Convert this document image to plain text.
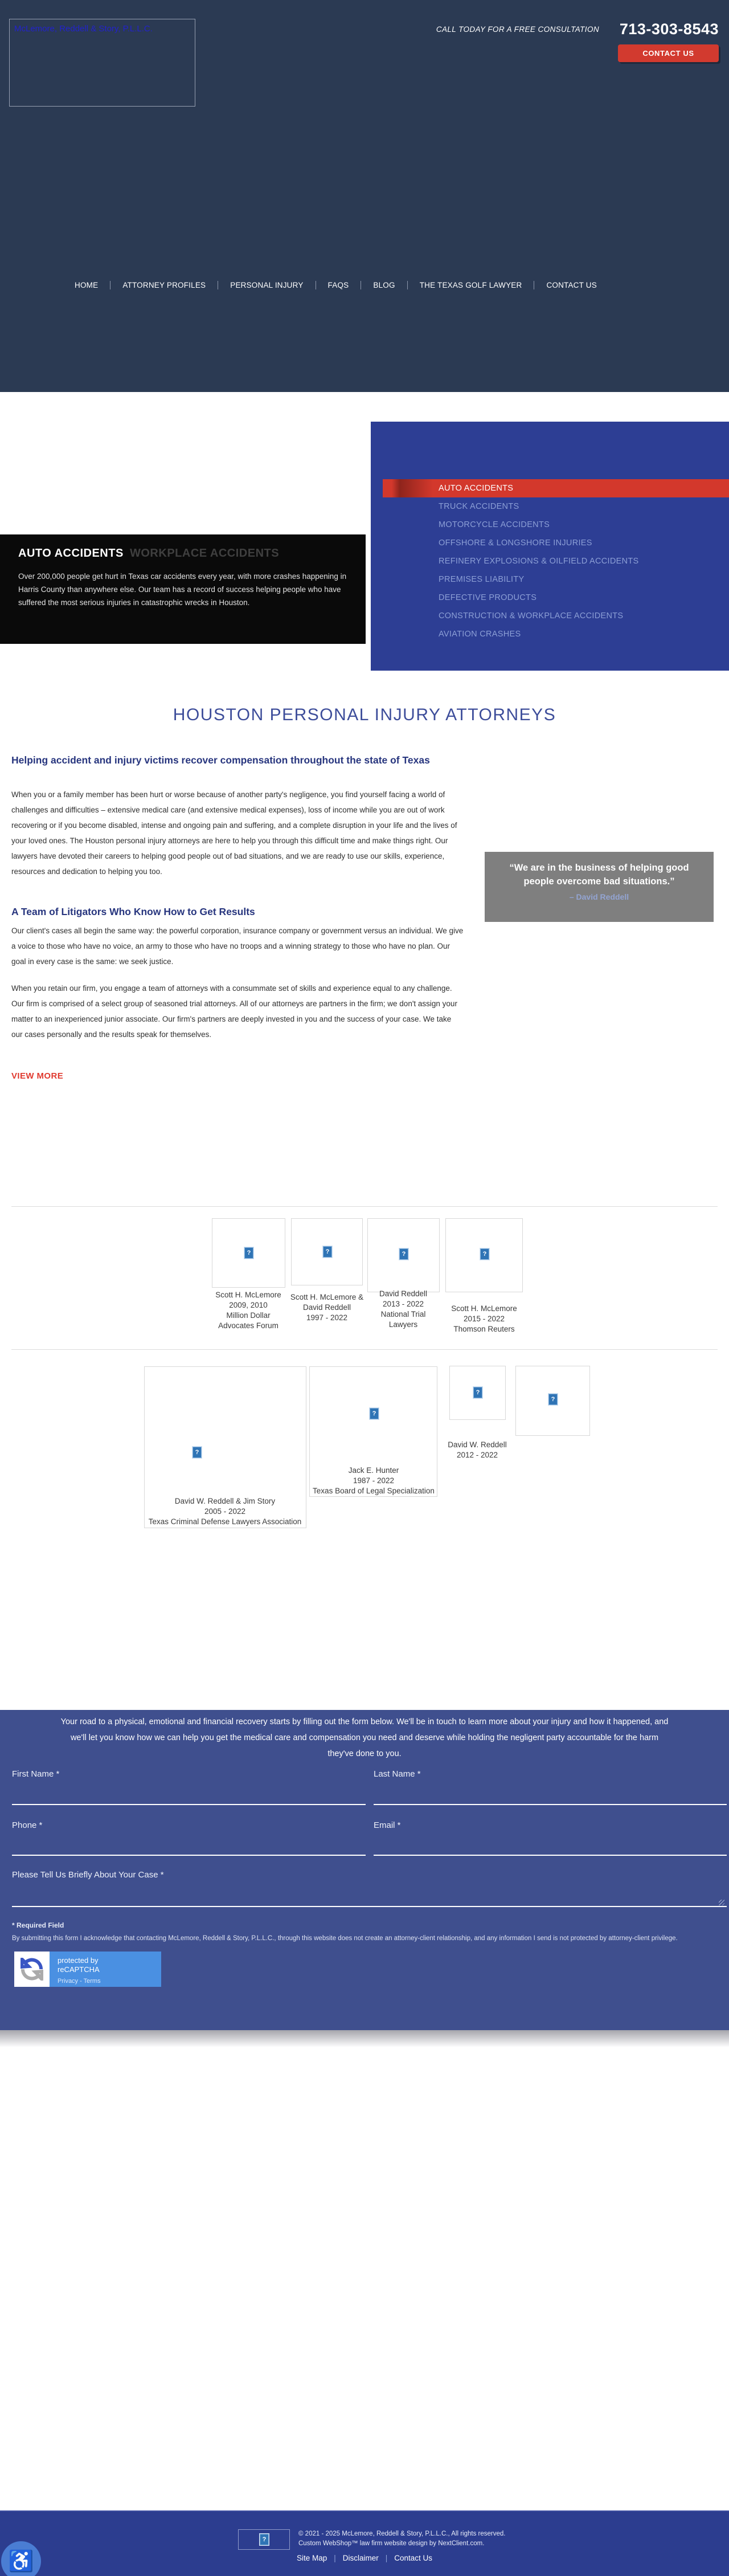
McLemore, Reddell & Story, P.L.L.C.	CALL TODAY FOR A FREE CONSULTATION 713-303-8543
CONTACT US
HOME	ATTORNEY PROFILES	PERSONAL INJURY	FAQS	BLOG	THE TEXAS GOLF LAWYER	CONTACT US
AUTO ACCIDENTS
TRUCK ACCIDENTS
MOTORCYCLE ACCIDENTS
OFFSHORE & LONGSHORE INJURIES
REFINERY EXPLOSIONS & OILFIELD ACCIDENTS
PREMISES LIABILITY
DEFECTIVE PRODUCTS
CONSTRUCTION & WORKPLACE ACCIDENTS
AVIATION CRASHES
WORKPLACE ACCIDENTS
AUTO ACCIDENTS

Over 200,000 people get hurt in Texas car accidents every year, with more crashes happening in Harris County than anywhere else. Our team has a record of success helping people who have suffered the most serious injuries in catastrophic wrecks in Houston.

HOUSTON PERSONAL INJURY ATTORNEYS
Helping accident and injury victims recover compensation throughout the state of Texas

When you or a family member has been hurt or worse because of another party's negligence, you find yourself facing a world of challenges and difficulties – extensive medical care (and extensive medical expenses), loss of income while you are out of work recovering or if you become disabled, intense and ongoing pain and suffering, and a complete disruption in your life and the lives of your loved ones. The Houston personal injury attorneys are here to help you through this difficult time and make things right. Our lawyers have devoted their careers to helping good people out of bad situations, and we are ready to use our skills, experience, resources and dedication to helping you too.	“We are in the business of helping good people overcome bad situations.”
– David Reddell
A Team of Litigators Who Know How to Get Results

Our client's cases all begin the same way: the powerful corporation, insurance company or government versus an individual. We give a voice to those who have no voice, an army to those who have no troops and a winning strategy to those who have no plan. Our goal in every case is the same: we seek justice.

When you retain our firm, you engage a team of attorneys with a consummate set of skills and experience equal to any challenge. Our firm is comprised of a select group of seasoned trial attorneys. All of our attorneys are partners in the firm; we don't assign your matter to an inexperienced junior associate. Our firm's partners are deeply invested in you and the success of your case. We take our cases personally and the results speak for themselves.

VIEW MORE
?
Scott H. McLemore
2009, 2010
Million Dollar
Advocates Forum
?
Scott H. McLemore &
David Reddell
1997 - 2022
?
David Reddell
2013 - 2022
National Trial
Lawyers
?
Scott H. McLemore
2015 - 2022
Thomson Reuters
?
David W. Reddell & Jim Story
2005 - 2022
Texas Criminal Defense Lawyers Association
?
Jack E. Hunter
1987 - 2022
Texas Board of Legal Specialization
?
David W. Reddell
2012 - 2022
?
Your road to a physical, emotional and financial recovery starts by filling out the form below. We'll be in touch to learn more about your injury and how it happened, and we'll let you know how we can help you get the medical care and compensation you need and deserve while holding the negligent party accountable for the harm they've done to you.
First Name *	Last Name *
Phone *	Email *
Please Tell Us Briefly About Your Case *
* Required Field
By submitting this form I acknowledge that contacting McLemore, Reddell & Story, P.L.L.C., through this website does not create an attorney-client relationship, and any information I send is not protected by attorney-client privilege.
protected by
reCAPTCHA
Privacy - Terms
?
© 2021 - 2025 McLemore, Reddell & Story, P.L.L.C., All rights reserved.
Custom WebShop™ law firm website design by NextClient.com.
Site Map | Disclaimer | Contact Us
♿
